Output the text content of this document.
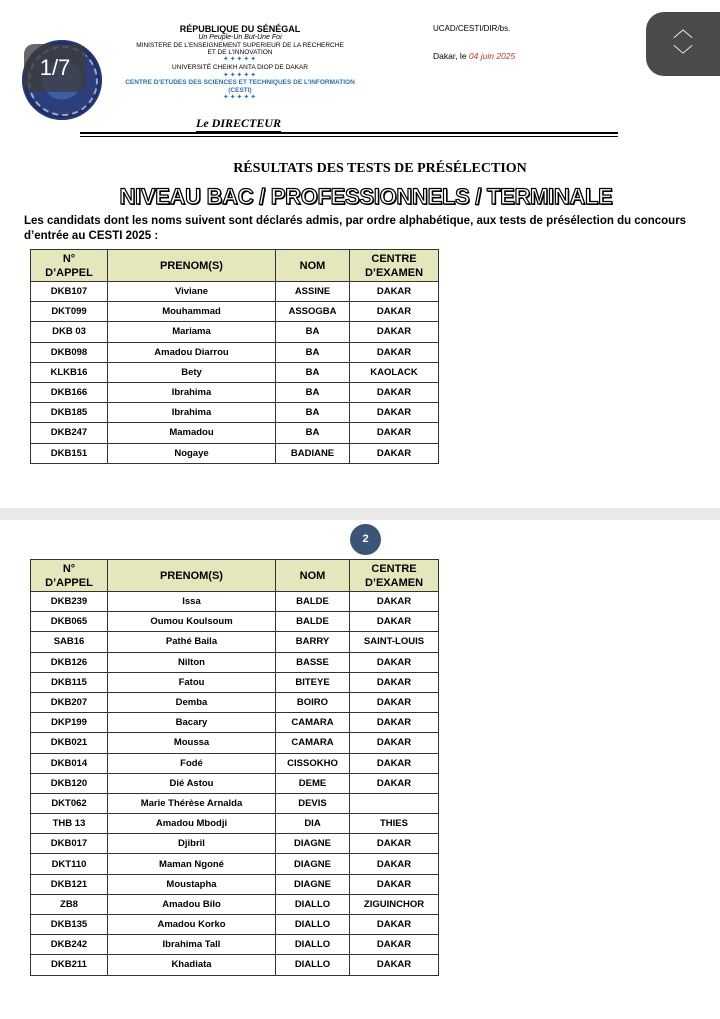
1/7
RÉPUBLIQUE DU SÉNÉGAL
Un Peuple-Un But-Une Foi
MINISTERE DE L’ENSEIGNEMENT SUPERIEUR DE LA RECHERCHE
ET DE L’INNOVATION
✦✦✦✦✦
UNIVERSITÉ CHEIKH ANTA DIOP DE DAKAR
✦✦✦✦✦
CENTRE D’ETUDES DES SCIENCES ET TECHNIQUES DE L’INFORMATION
(CESTI)
✦✦✦✦✦
Le DIRECTEUR
UCAD/CESTI/DIR/bs.
Dakar, le 04 juin 2025
RÉSULTATS DES TESTS DE PRÉSÉLECTION
NIVEAU BAC / PROFESSIONNELS / TERMINALE
Les candidats dont les noms suivent sont déclarés admis, par ordre alphabétique, aux tests de présélection du concours d’entrée au CESTI 2025 :
N°
D’APPEL	PRENOM(S)	NOM	CENTRE
D’EXAMEN
DKB107	Viviane	ASSINE	DAKAR
DKT099	Mouhammad	ASSOGBA	DAKAR
DKB 03	Mariama	BA	DAKAR
DKB098	Amadou Diarrou	BA	DAKAR
KLKB16	Bety	BA	KAOLACK
DKB166	Ibrahima	BA	DAKAR
DKB185	Ibrahima	BA	DAKAR
DKB247	Mamadou	BA	DAKAR
DKB151	Nogaye	BADIANE	DAKAR
︿
﹀
2
N°
D’APPEL	PRENOM(S)	NOM	CENTRE
D’EXAMEN
DKB239	Issa	BALDE	DAKAR
DKB065	Oumou Koulsoum	BALDE	DAKAR
SAB16	Pathé Baila	BARRY	SAINT-LOUIS
DKB126	Nilton	BASSE	DAKAR
DKB115	Fatou	BITEYE	DAKAR
DKB207	Demba	BOIRO	DAKAR
DKP199	Bacary	CAMARA	DAKAR
DKB021	Moussa	CAMARA	DAKAR
DKB014	Fodé	CISSOKHO	DAKAR
DKB120	Dié Astou	DEME	DAKAR
DKT062	Marie Thérèse Arnalda	DEVIS	
THB 13	Amadou Mbodji	DIA	THIES
DKB017	Djibril	DIAGNE	DAKAR
DKT110	Maman Ngoné	DIAGNE	DAKAR
DKB121	Moustapha	DIAGNE	DAKAR
ZB8	Amadou Bilo	DIALLO	ZIGUINCHOR
DKB135	Amadou Korko	DIALLO	DAKAR
DKB242	Ibrahima Tall	DIALLO	DAKAR
DKB211	Khadiata	DIALLO	DAKAR
